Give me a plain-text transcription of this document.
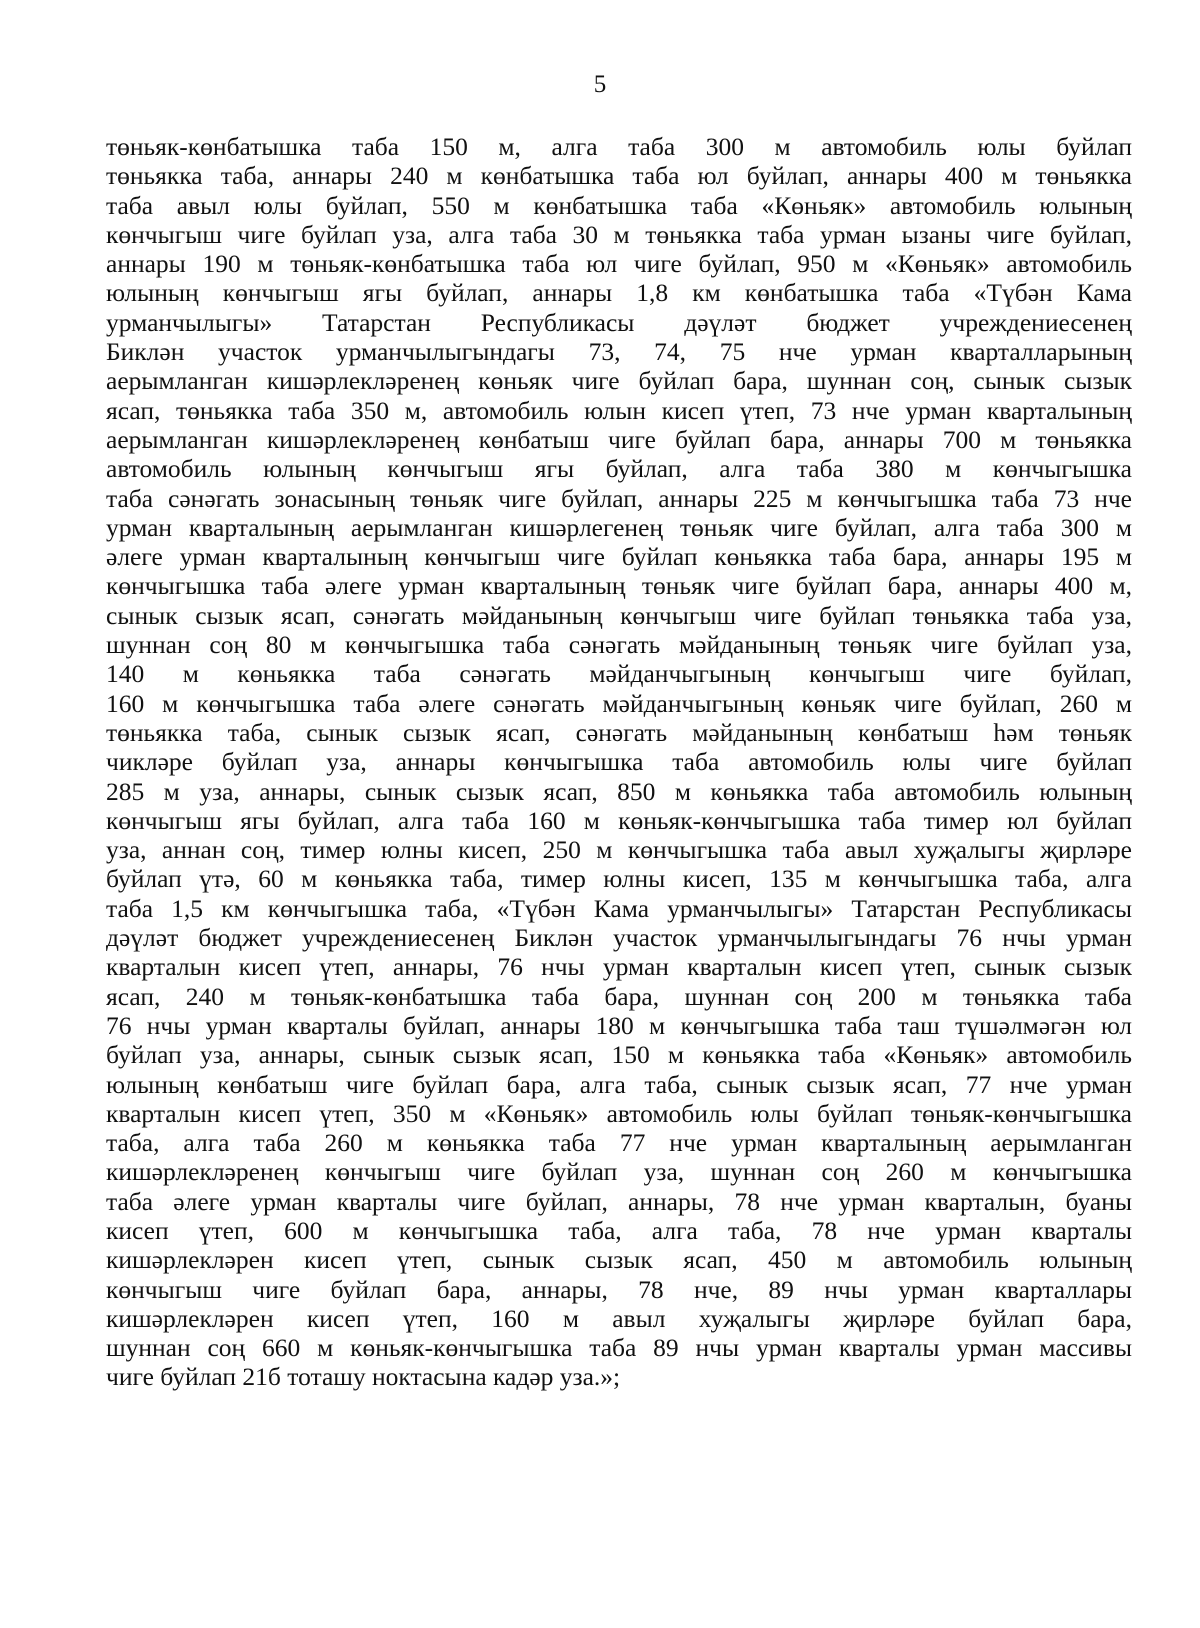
5
төньяк-көнбатышка таба 150 м, алга таба 300 м автомобиль юлы буйлап
төньякка таба, аннары 240 м көнбатышка таба юл буйлап, аннары 400 м төньякка
таба авыл юлы буйлап, 550 м көнбатышка таба «Көньяк» автомобиль юлының
көнчыгыш чиге буйлап уза, алга таба 30 м төньякка таба урман ызаны чиге буйлап,
аннары 190 м төньяк-көнбатышка таба юл чиге буйлап, 950 м «Көньяк» автомобиль
юлының көнчыгыш ягы буйлап, аннары 1,8 км көнбатышка таба «Түбән Кама
урманчылыгы» Татарстан Республикасы дәүләт бюджет учреждениесенең
Биклән участок урманчылыгындагы 73, 74, 75 нче урман кварталларының
аерымланган кишәрлекләренең көньяк чиге буйлап бара, шуннан соң, сынык сызык
ясап, төньякка таба 350 м, автомобиль юлын кисеп үтеп, 73 нче урман кварталының
аерымланган кишәрлекләренең көнбатыш чиге буйлап бара, аннары 700 м төньякка
автомобиль юлының көнчыгыш ягы буйлап, алга таба 380 м көнчыгышка
таба сәнәгать зонасының төньяк чиге буйлап, аннары 225 м көнчыгышка таба 73 нче
урман кварталының аерымланган кишәрлегенең төньяк чиге буйлап, алга таба 300 м
әлеге урман кварталының көнчыгыш чиге буйлап көньякка таба бара, аннары 195 м
көнчыгышка таба әлеге урман кварталының төньяк чиге буйлап бара, аннары 400 м,
сынык сызык ясап, сәнәгать мәйданының көнчыгыш чиге буйлап төньякка таба уза,
шуннан соң 80 м көнчыгышка таба сәнәгать мәйданының төньяк чиге буйлап уза,
140 м көньякка таба сәнәгать мәйданчыгының көнчыгыш чиге буйлап,
160 м көнчыгышка таба әлеге сәнәгать мәйданчыгының көньяк чиге буйлап, 260 м
төньякка таба, сынык сызык ясап, сәнәгать мәйданының көнбатыш һәм төньяк
чикләре буйлап уза, аннары көнчыгышка таба автомобиль юлы чиге буйлап
285 м уза, аннары, сынык сызык ясап, 850 м көньякка таба автомобиль юлының
көнчыгыш ягы буйлап, алга таба 160 м көньяк-көнчыгышка таба тимер юл буйлап
уза, аннан соң, тимер юлны кисеп, 250 м көнчыгышка таба авыл хуҗалыгы җирләре
буйлап үтә, 60 м көньякка таба, тимер юлны кисеп, 135 м көнчыгышка таба, алга
таба 1,5 км көнчыгышка таба, «Түбән Кама урманчылыгы» Татарстан Республикасы
дәүләт бюджет учреждениесенең Биклән участок урманчылыгындагы 76 нчы урман
кварталын кисеп үтеп, аннары, 76 нчы урман кварталын кисеп үтеп, сынык сызык
ясап, 240 м төньяк-көнбатышка таба бара, шуннан соң 200 м төньякка таба
76 нчы урман кварталы буйлап, аннары 180 м көнчыгышка таба таш түшәлмәгән юл
буйлап уза, аннары, сынык сызык ясап, 150 м көньякка таба «Көньяк» автомобиль
юлының көнбатыш чиге буйлап бара, алга таба, сынык сызык ясап, 77 нче урман
кварталын кисеп үтеп, 350 м «Көньяк» автомобиль юлы буйлап төньяк-көнчыгышка
таба, алга таба 260 м көньякка таба 77 нче урман кварталының аерымланган
кишәрлекләренең көнчыгыш чиге буйлап уза, шуннан соң 260 м көнчыгышка
таба әлеге урман кварталы чиге буйлап, аннары, 78 нче урман кварталын, буаны
кисеп үтеп, 600 м көнчыгышка таба, алга таба, 78 нче урман кварталы
кишәрлекләрен кисеп үтеп, сынык сызык ясап, 450 м автомобиль юлының
көнчыгыш чиге буйлап бара, аннары, 78 нче, 89 нчы урман кварталлары
кишәрлекләрен кисеп үтеп, 160 м авыл хуҗалыгы җирләре буйлап бара,
шуннан соң 660 м көньяк-көнчыгышка таба 89 нчы урман кварталы урман массивы
чиге буйлап 21б тоташу ноктасына кадәр уза.»;
